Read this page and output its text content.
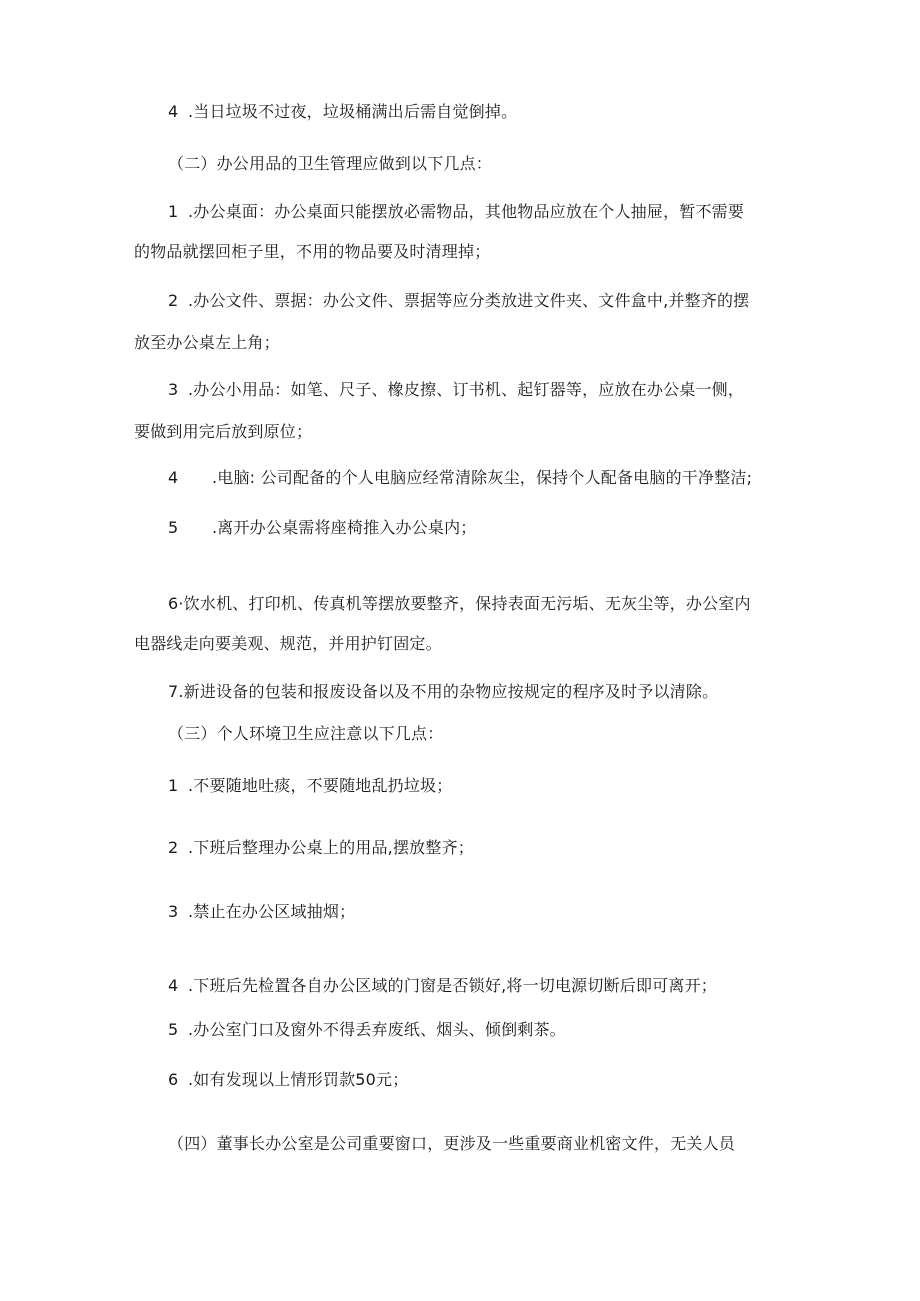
4 .当日垃圾不过夜，垃圾桶满出后需自觉倒掉。
（二）办公用品的卫生管理应做到以下几点：
1 .办公桌面：办公桌面只能摆放必需物品，其他物品应放在个人抽屉，暂不需要
的物品就摆回柜子里，不用的物品要及时清理掉；
2 .办公文件、票据：办公文件、票据等应分类放进文件夹、文件盒中,并整齐的摆
放至办公桌左上角；
3 .办公小用品：如笔、尺子、橡皮擦、订书机、起钉器等，应放在办公桌一侧，
要做到用完后放到原位；
4 .电脑: 公司配备的个人电脑应经常清除灰尘，保持个人配备电脑的干净整洁;
5 .离开办公桌需将座椅推入办公桌内；
6·饮水机、打印机、传真机等摆放要整齐，保持表面无污垢、无灰尘等，办公室内
电器线走向要美观、规范，并用护钉固定。
7.新进设备的包装和报废设备以及不用的杂物应按规定的程序及时予以清除。
（三）个人环境卫生应注意以下几点：
1 .不要随地吐痰，不要随地乱扔垃圾；
2 .下班后整理办公桌上的用品,摆放整齐；
3 .禁止在办公区域抽烟；
4 .下班后先检置各自办公区域的门窗是否锁好,将一切电源切断后即可离开；
5 .办公室门口及窗外不得丢弃废纸、烟头、倾倒剩茶。
6 .如有发现以上情形罚款50元；
（四）董事长办公室是公司重要窗口，更涉及一些重要商业机密文件，无关人员
